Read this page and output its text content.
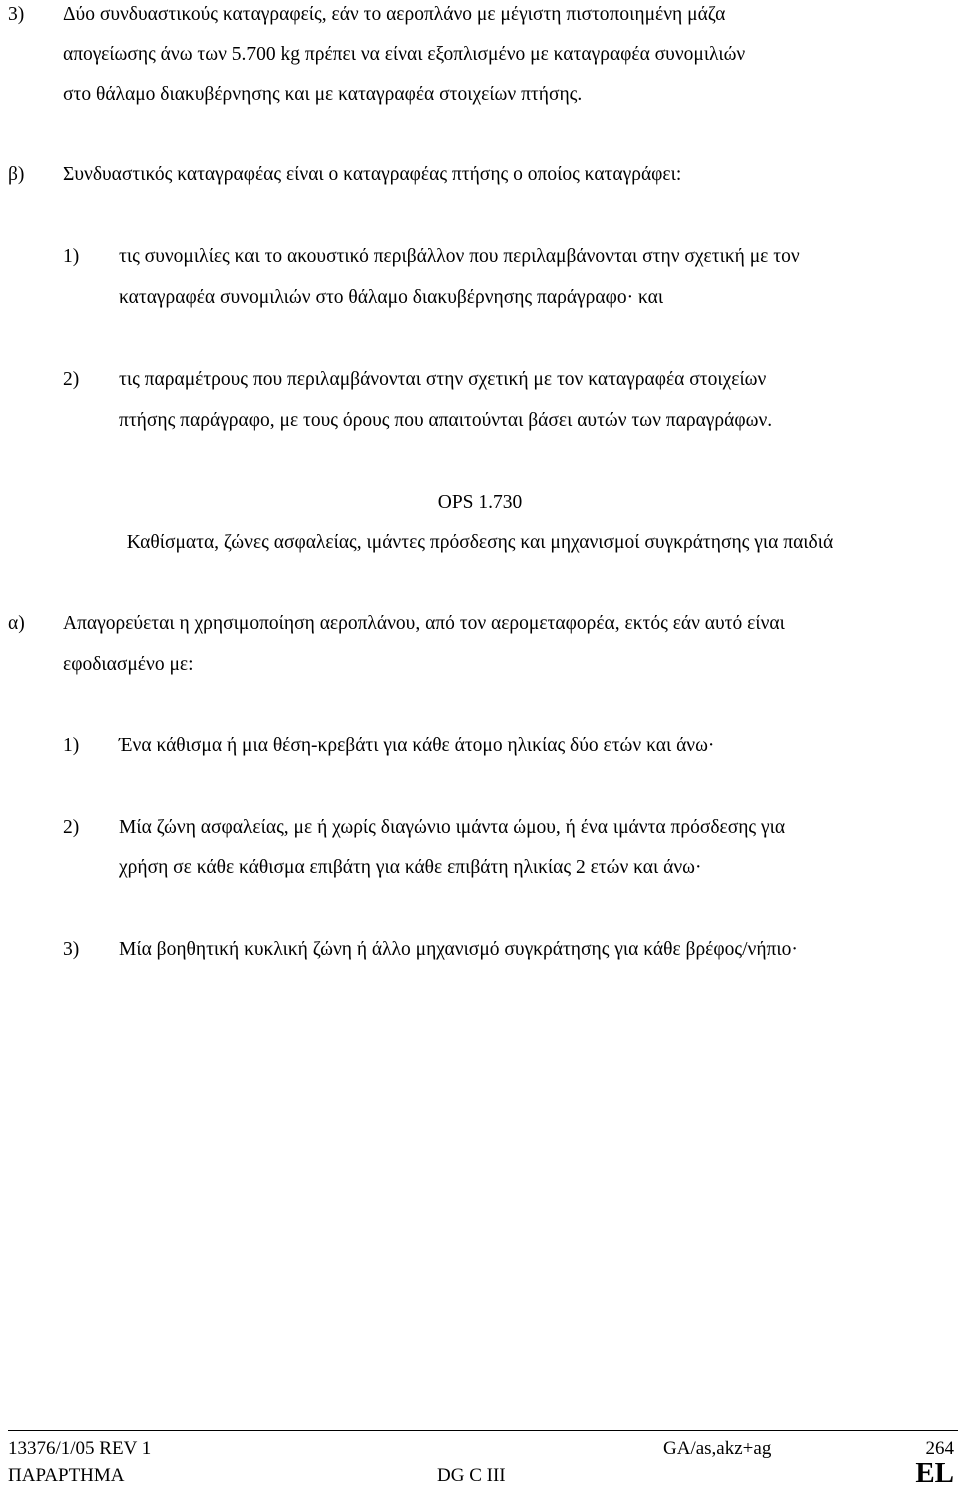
3) Δύο συνδυαστικούς καταγραφείς, εάν το αεροπλάνο με μέγιστη πιστοποιημένη μάζα
απογείωσης άνω των 5.700 kg πρέπει να είναι εξοπλισμένο με καταγραφέα συνομιλιών
στο θάλαμο διακυβέρνησης και με καταγραφέα στοιχείων πτήσης.
β) Συνδυαστικός καταγραφέας είναι ο καταγραφέας πτήσης ο οποίος καταγράφει:
1) τις συνομιλίες και το ακουστικό περιβάλλον που περιλαμβάνονται στην σχετική με τον
καταγραφέα συνομιλιών στο θάλαμο διακυβέρνησης παράγραφο· και
2) τις παραμέτρους που περιλαμβάνονται στην σχετική με τον καταγραφέα στοιχείων
πτήσης παράγραφο, με τους όρους που απαιτούνται βάσει αυτών των παραγράφων.
OPS 1.730
Καθίσματα, ζώνες ασφαλείας, ιμάντες πρόσδεσης και μηχανισμοί συγκράτησης για παιδιά
α) Απαγορεύεται η χρησιμοποίηση αεροπλάνου, από τον αερομεταφορέα, εκτός εάν αυτό είναι
εφοδιασμένο με:
1) Ένα κάθισμα ή μια θέση-κρεβάτι για κάθε άτομο ηλικίας δύο ετών και άνω·
2) Μία ζώνη ασφαλείας, με ή χωρίς διαγώνιο ιμάντα ώμου, ή ένα ιμάντα πρόσδεσης για
χρήση σε κάθε κάθισμα επιβάτη για κάθε επιβάτη ηλικίας 2 ετών και άνω·
3) Μία βοηθητική κυκλική ζώνη ή άλλο μηχανισμό συγκράτησης για κάθε βρέφος/νήπιο·
13376/1/05 REV 1	GA/as,akz+ag	264
ΠΑΡΑΡΤΗΜΑ	DG C III	EL
